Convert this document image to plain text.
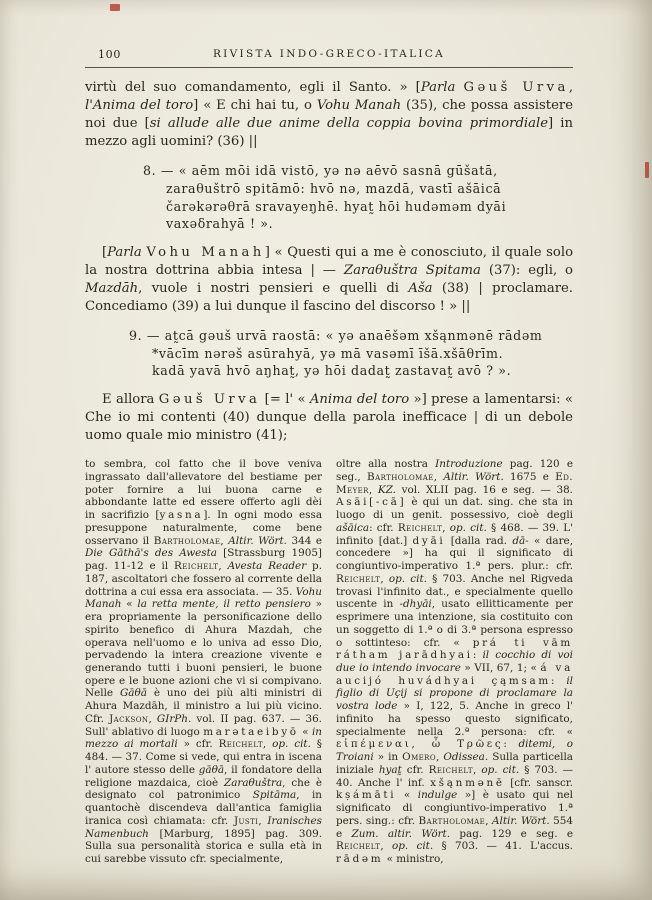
100	RIVISTA INDO-GRECO-ITALICA

virtù del suo comandamento, egli il Santo. » [Parla Gəuš Urva, l'Anima del toro] « E chi hai tu, o Vohu Manah (35), che possa assistere noi due [si allude alle due anime della coppia bovina primordiale] in mezzo agli uomini? (36) ||

8. — « aēm mōi idā vistō, yə nə aēvō sasnā gūšatā,
zaraθuštrō spitāmō: hvō nə, mazdā, vastī ašāicā
čarəkərəθrā sravayeŋhē. hyat̰ hōi hudəməm dyāi vaxəδrahyā ! ».

[Parla Vohu Manah] « Questi qui a me è conosciuto, il quale solo la nostra dottrina abbia intesa | — Zaraθuštra Spitama (37): egli, o Mazdāh, vuole i nostri pensieri e quelli di Aša (38) | proclamare. Concediamo (39) a lui dunque il fascino del discorso ! » ||

9. — at̰cā gəuš urvā raostā: « yə anaēšəm xšąnmənē rādəm
*vācīm nərəš asūrahyā, yə mā vasəmī īšā.xšāθrīm.
kadā yavā hvō aŋhat̰, yə hōi dadat̰ zastavat̰ avō ? ».

E allora Gəuš Urva [= l' « Anima del toro »] prese a lamentarsi: « Che io mi contenti (40) dunque della parola inefficace | di un debole uomo quale mio ministro (41);

to sembra, col fatto che il bove veniva ingrassato dall'allevatore del bestiame per poter fornire a lui buona carne e abbondante latte ed essere offerto agli dèi in sacrifizio [yasna]. In ogni modo essa presuppone naturalmente, come bene osservano il Bartholomae, Altir. Wört. 344 e Die Gāthā's des Awesta [Strassburg 1905] pag. 11-12 e il Reichelt, Avesta Reader p. 187, ascoltatori che fossero al corrente della dottrina a cui essa era associata. — 35. Vohu Manah « la retta mente, il retto pensiero » era propriamente la personificazione dello spirito benefico di Ahura Mazdah, che operava nell'uomo e lo univa ad esso Dio, pervadendo la intera creazione vivente e generando tutti i buoni pensieri, le buone opere e le buone azioni che vi si compivano. Nelle Gāθā è uno dei più alti ministri di Ahura Mazdāh, il ministro a lui più vicino. Cfr. Jackson, GIrPh. vol. II pag. 637. — 36. Sull' ablativo di luogo marətaeibyō « in mezzo ai mortali » cfr. Reichelt, op. cit. § 484. — 37. Come si vede, qui entra in iscena l' autore stesso delle gāθā, il fondatore della religione mazdaica, cioè Zaraθuštra, che è designato col patronimico Spitāma, in quantochè discendeva dall'antica famiglia iranica così chiamata: cfr. Justi, Iranisches Namenbuch [Marburg, 1895] pag. 309. Sulla sua personalità storica e sulla età in cui sarebbe vissuto cfr. specialmente,
oltre alla nostra Introduzione pag. 120 e seg., Bartholomae, Altir. Wört. 1675 e Ed. Meyer, KZ. vol. XLII pag. 16 e seg. — 38. Asāi[-cā] è qui un dat. sing. che sta in luogo di un genit. possessivo, cioè degli ašāica: cfr. Reichelt, op. cit. § 468. — 39. L' infinito [dat.] dyāi [dalla rad. dā- « dare, concedere »] ha qui il significato di congiuntivo-imperativo 1.ª pers. plur.: cfr. Reichelt, op. cit. § 703. Anche nel Rigveda trovasi l'infinito dat., e specialmente quello uscente in -dhyāi, usato ellitticamente per esprimere una intenzione, sia costituito con un soggetto di 1.ª o di 3.ª persona espresso o sottinteso: cfr. « prá ti vām rátham jarādhyai: il cocchio di voi due io intendo invocare » VII, 67, 1; « á va aucijó huvádhyai çąmsam: il figlio di Uçij si propone di proclamare la vostra lode » I, 122, 5. Anche in greco l' infinito ha spesso questo significato, specialmente nella 2.ª persona: cfr. « εἰπέμεναι, ὦ Τρῶες: ditemi, o Troiani » in Omero, Odissea. Sulla particella iniziale hyat̰ cfr. Reichelt, op. cit. § 703. — 40. Anche l' inf. xšąnmənē [cfr. sanscr. kṣámāti « indulge »] è usato qui nel significato di congiuntivo-imperativo 1.ª pers. sing.: cfr. Bartholomae, Altir. Wört. 554 e Zum. altir. Wört. pag. 129 e seg. e Reichelt, op. cit. § 703. — 41. L'accus. rādəm « ministro,
